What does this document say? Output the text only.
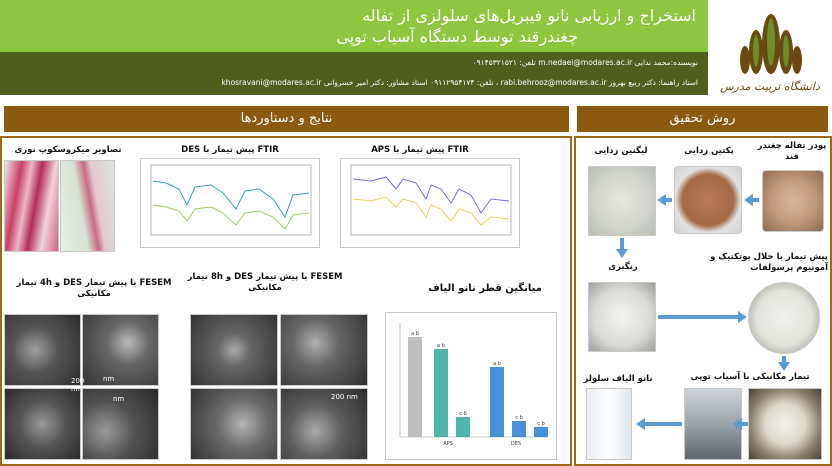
استخراج و ارزیابی نانو فیبریل‌های سلولزی از تفاله
چغندرقند توسط دستگاه آسیاب توپی
نویسنده:محمد ندایی m.nedaei@modares.ac.ir تلفن: ۰۹۱۴۵۳۲۱۵۲۱
استاد راهنما: دکتر ربیع بهروز rabi.behrooz@modares.ac.ir ، تلفن: ۰۹۱۱۲۹۵۴۱۷۴ استاد مشاور: دکتر امیر خسروانی khosravani@modares.ac.ir	دانشگاه تربیت مدرس
نتایج و دستاوردها	روش تحقیق
FTIR پیش تیمار با APS
FTIR پیش تیمار با DES
تصاویر میکروسکوپ نوری
FESEM با پیش تیمار DES و 4h تیمار مکانیکی
FESEM با پیش تیمار DES و 8h تیمار مکانیکی	میانگین قطر نانو الیاف
nm
200 nm
nm	200 nm
a b
a b
c b
a b
c b
c b
APS	DES
پودر تفاله چغندر قند
پکتین زدایی
لیگنین زدایی
رنگبری
پیش تیمار با حلال یوتکتیک و آمونیوم پرسولفات
تیمار مکانیکی با آسیاب توپی
نانو الیاف سلولز
